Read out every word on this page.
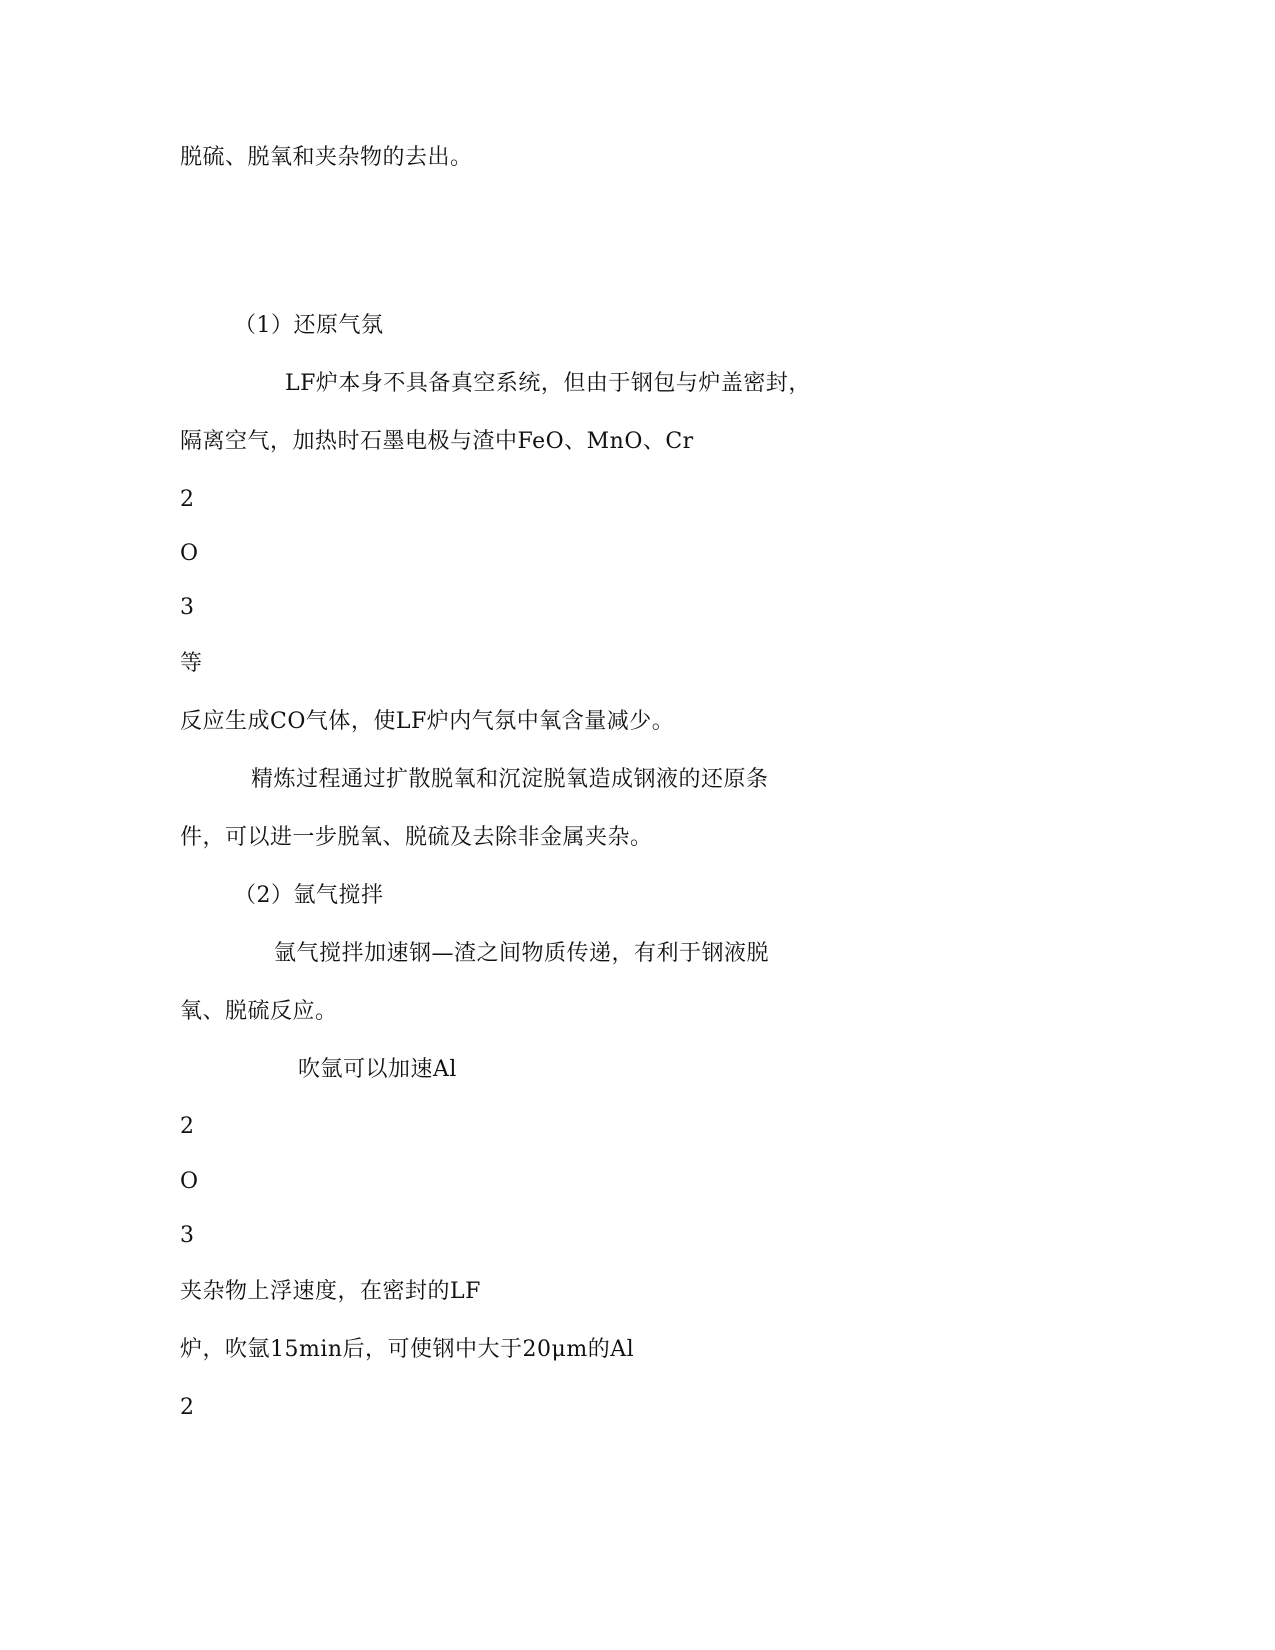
脱硫、脱氧和夹杂物的去出。
（1）还原气氛
LF炉本身不具备真空系统，但由于钢包与炉盖密封，
隔离空气，加热时石墨电极与渣中FeO、MnO、Cr
2
O
3
等
反应生成CO气体，使LF炉内气氛中氧含量减少。
精炼过程通过扩散脱氧和沉淀脱氧造成钢液的还原条
件，可以进一步脱氧、脱硫及去除非金属夹杂。
（2）氩气搅拌
氩气搅拌加速钢—渣之间物质传递，有利于钢液脱
氧、脱硫反应。
吹氩可以加速Al
2
O
3
夹杂物上浮速度，在密封的LF
炉，吹氩15min后，可使钢中大于20μm的Al
2
